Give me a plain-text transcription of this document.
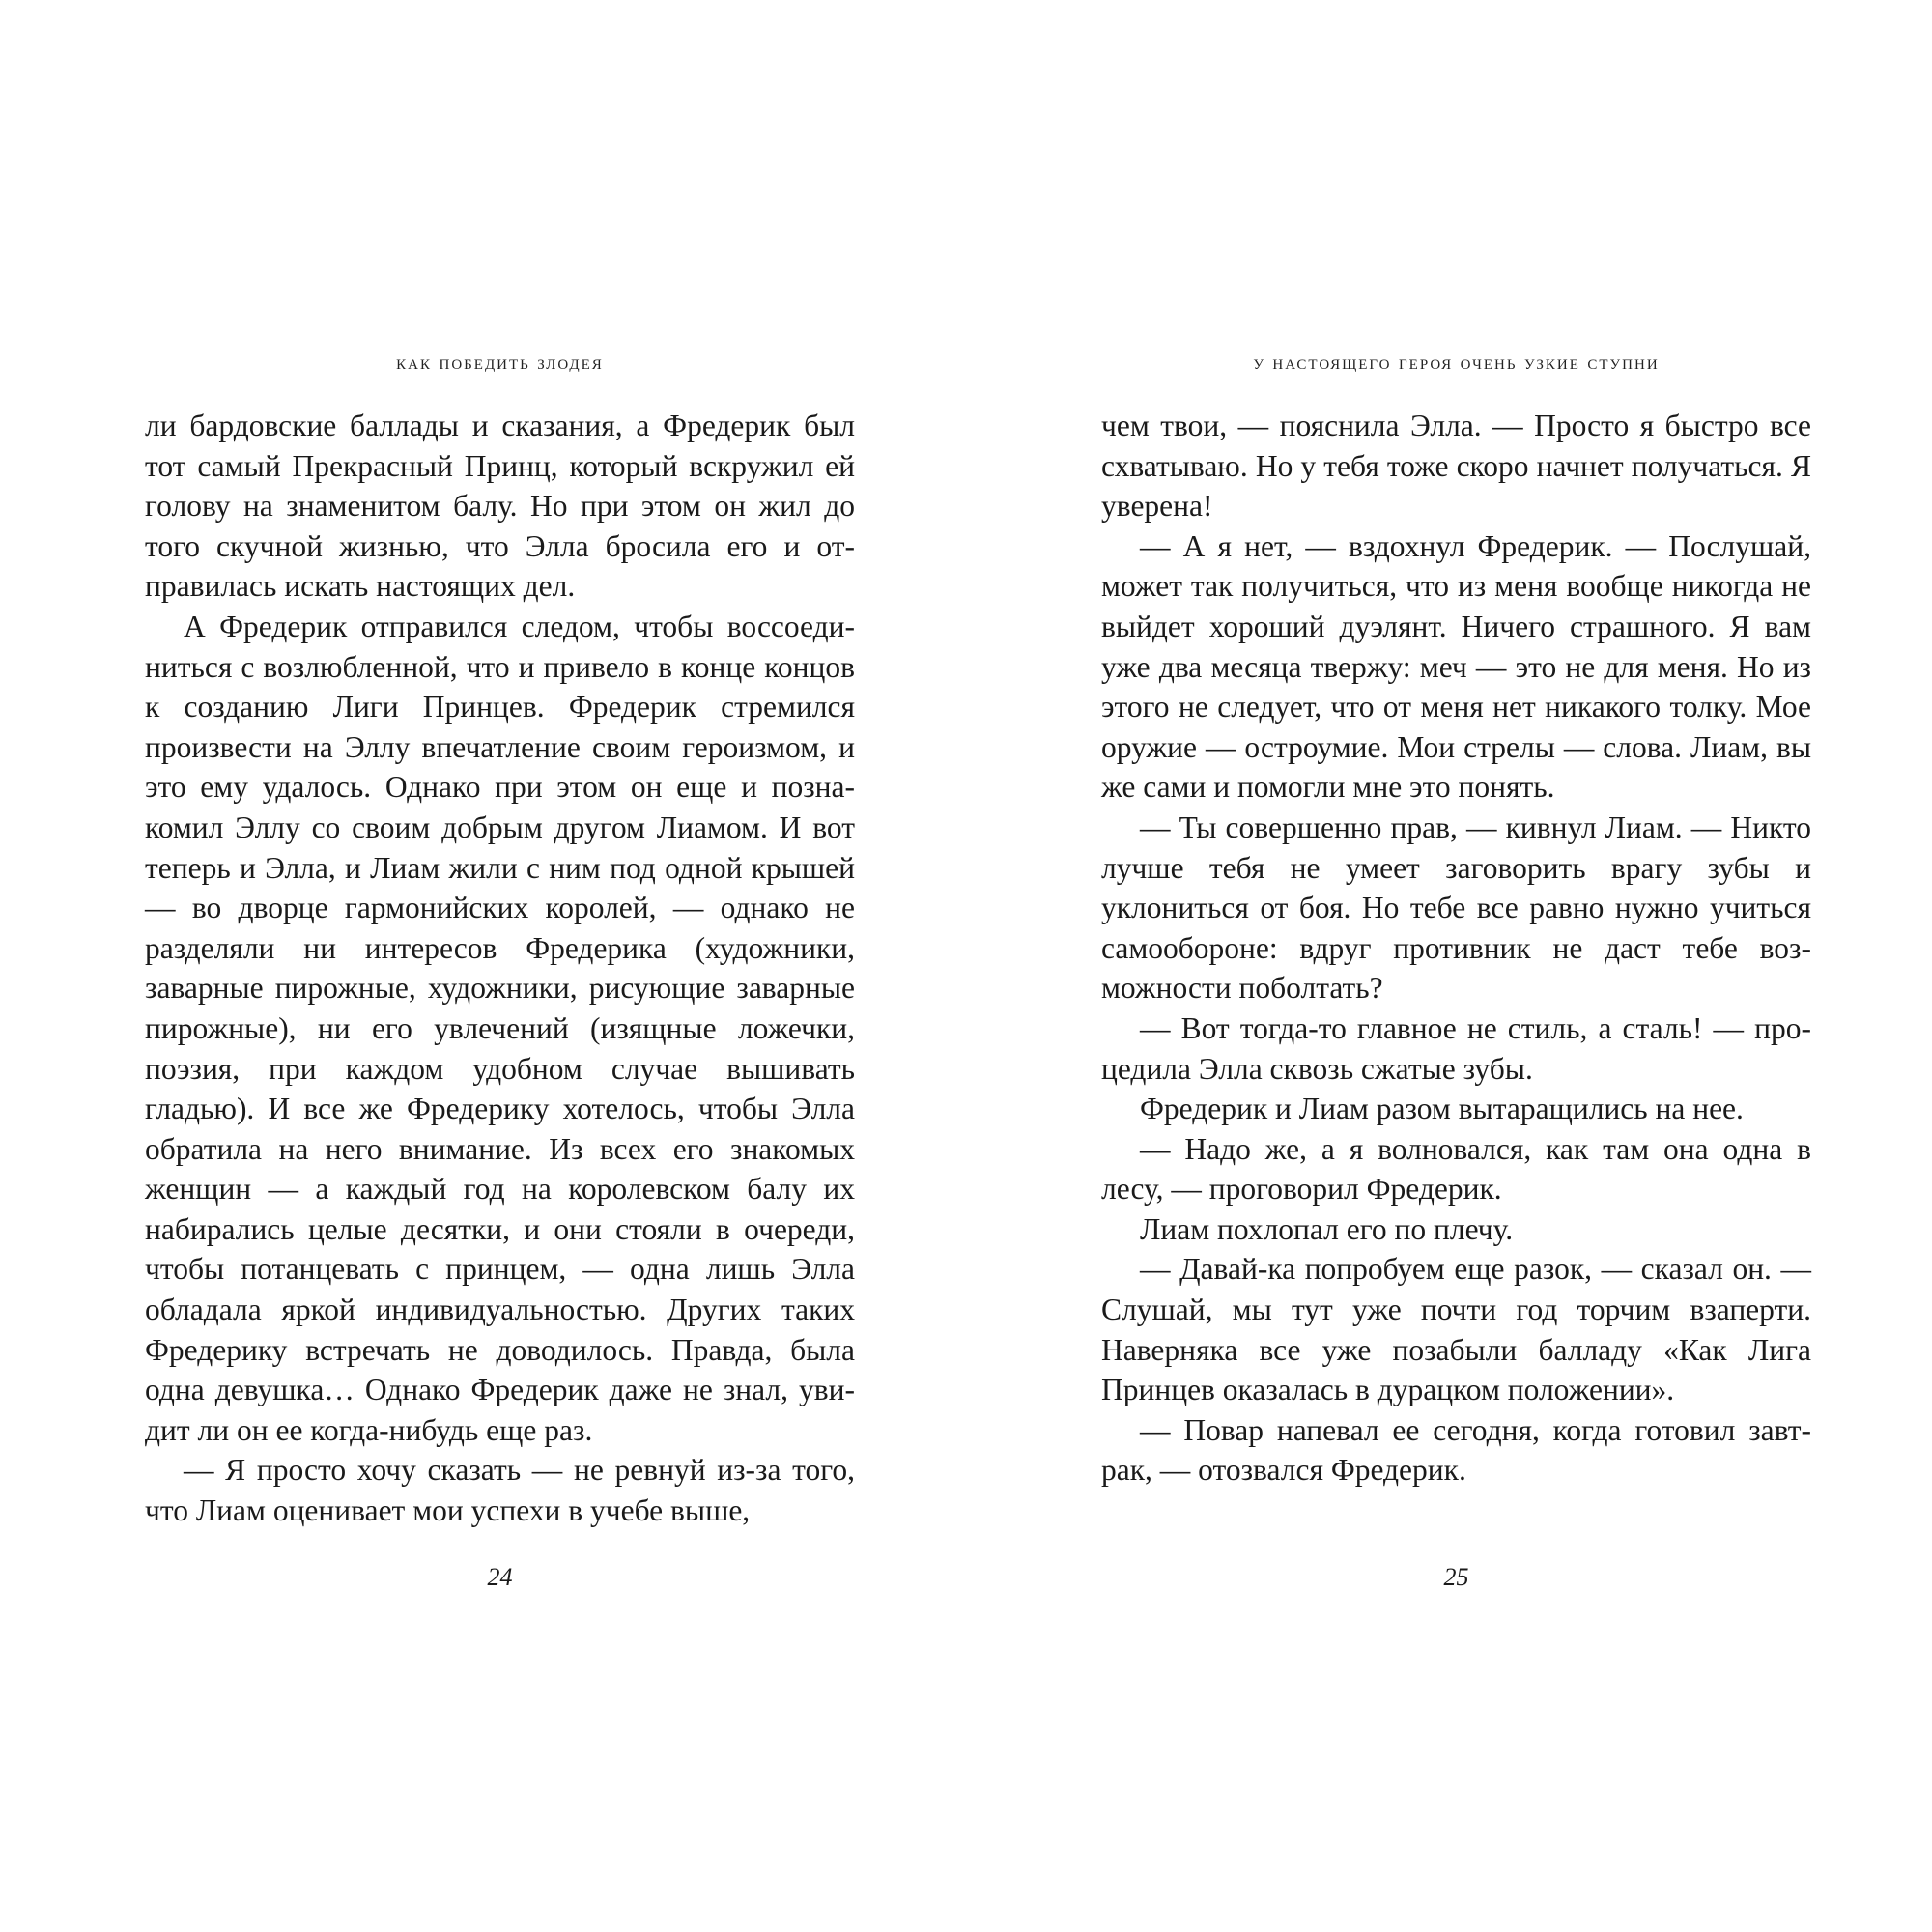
как победить злодея

ли бардовские баллады и сказания, а Фредерик был тот самый Прекрасный Принц, который вскружил ей голову на знаменитом балу. Но при этом он жил до того скучной жизнью, что Элла бросила его и отправилась искать настоящих дел.

А Фредерик отправился следом, чтобы воссоединиться с возлюбленной, что и привело в конце концов к созданию Лиги Принцев. Фредерик стремился произвести на Эллу впечатление своим героизмом, и это ему удалось. Однако при этом он еще и познакомил Эллу со своим добрым другом Лиамом. И вот теперь и Элла, и Лиам жили с ним под одной крышей — во дворце гармонийских королей, — однако не разделяли ни интересов Фредерика (художники, заварные пирожные, художники, рисующие заварные пирожные), ни его увлечений (изящные ложечки, поэзия, при каждом удобном случае вышивать гладью). И все же Фредерику хотелось, чтобы Элла обратила на него внимание. Из всех его знакомых женщин — а каждый год на королевском балу их набирались целые десятки, и они стояли в очереди, чтобы потанцевать с принцем, — одна лишь Элла обладала яркой индивидуальностью. Других таких Фредерику встречать не доводилось. Правда, была одна девушка… Однако Фредерик даже не знал, увидит ли он ее когда-нибудь еще раз.

— Я просто хочу сказать — не ревнуй из-за того, что Лиам оценивает мои успехи в учебе выше,

24
у настоящего героя очень узкие ступни

чем твои, — пояснила Элла. — Просто я быстро все схватываю. Но у тебя тоже скоро начнет получаться. Я уверена!

— А я нет, — вздохнул Фредерик. — Послушай, может так получиться, что из меня вообще никогда не выйдет хороший дуэлянт. Ничего страшного. Я вам уже два месяца твержу: меч — это не для меня. Но из этого не следует, что от меня нет никакого толку. Мое оружие — остроумие. Мои стрелы — слова. Лиам, вы же сами и помогли мне это понять.

— Ты совершенно прав, — кивнул Лиам. — Никто лучше тебя не умеет заговорить врагу зубы и уклониться от боя. Но тебе все равно нужно учиться самообороне: вдруг противник не даст тебе возможности поболтать?

— Вот тогда-то главное не стиль, а сталь! — процедила Элла сквозь сжатые зубы.

Фредерик и Лиам разом вытаращились на нее.

— Надо же, а я волновался, как там она одна в лесу, — проговорил Фредерик.

Лиам похлопал его по плечу.

— Давай-ка попробуем еще разок, — сказал он. — Слушай, мы тут уже почти год торчим взаперти. Наверняка все уже позабыли балладу «Как Лига Принцев оказалась в дурацком положении».

— Повар напевал ее сегодня, когда готовил завтрак, — отозвался Фредерик.

25
